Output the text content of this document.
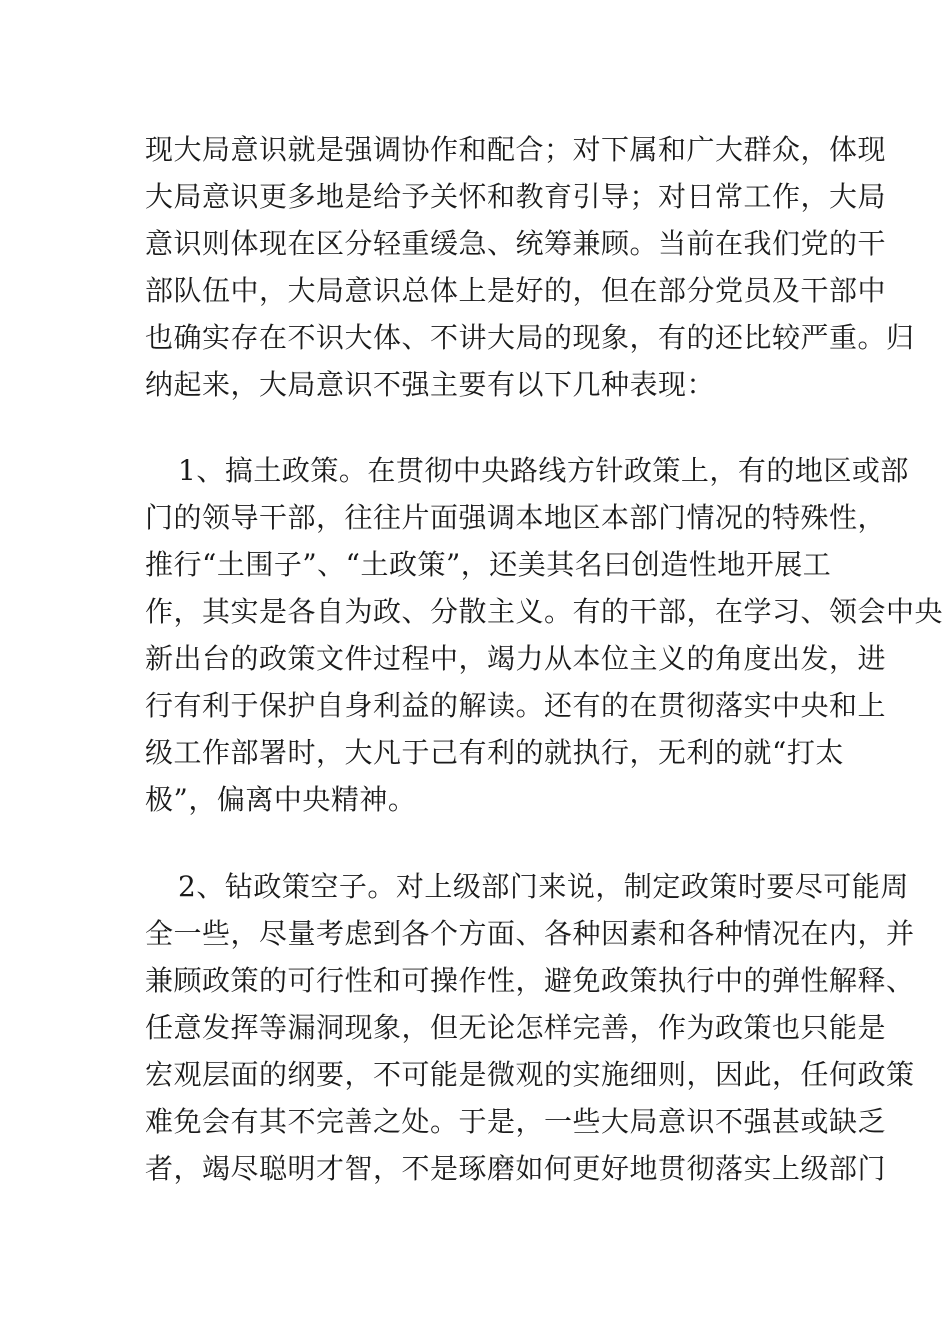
现大局意识就是强调协作和配合；对下属和广大群众，体现
大局意识更多地是给予关怀和教育引导；对日常工作，大局
意识则体现在区分轻重缓急、统筹兼顾。当前在我们党的干
部队伍中，大局意识总体上是好的，但在部分党员及干部中
也确实存在不识大体、不讲大局的现象，有的还比较严重。归
纳起来，大局意识不强主要有以下几种表现：
1、搞土政策。在贯彻中央路线方针政策上，有的地区或部
门的领导干部，往往片面强调本地区本部门情况的特殊性，
推行“土围子”、“土政策”，还美其名曰创造性地开展工
作，其实是各自为政、分散主义。有的干部，在学习、领会中央
新出台的政策文件过程中，竭力从本位主义的角度出发，进
行有利于保护自身利益的解读。还有的在贯彻落实中央和上
级工作部署时，大凡于己有利的就执行，无利的就“打太
极”，偏离中央精神。
2、钻政策空子。对上级部门来说，制定政策时要尽可能周
全一些，尽量考虑到各个方面、各种因素和各种情况在内，并
兼顾政策的可行性和可操作性，避免政策执行中的弹性解释、
任意发挥等漏洞现象，但无论怎样完善，作为政策也只能是
宏观层面的纲要，不可能是微观的实施细则，因此，任何政策
难免会有其不完善之处。于是，一些大局意识不强甚或缺乏
者，竭尽聪明才智，不是琢磨如何更好地贯彻落实上级部门
